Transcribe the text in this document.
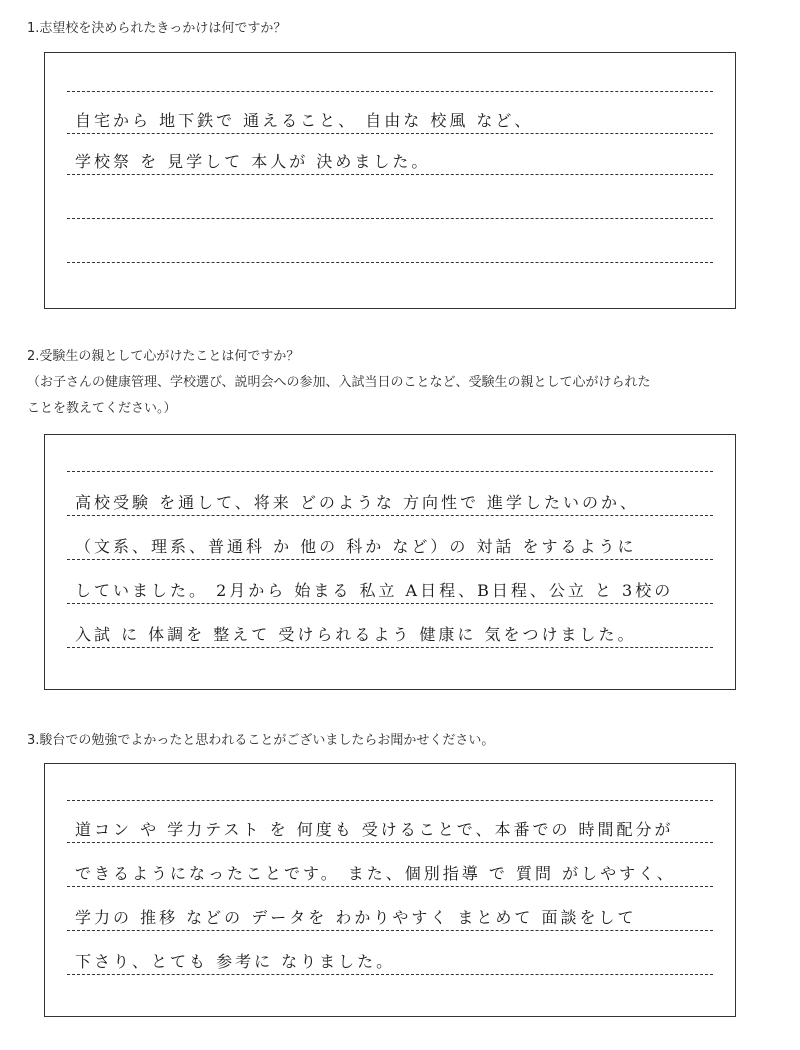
1.志望校を決められたきっかけは何ですか？
自宅から 地下鉄で 通えること、 自由な 校風 など、
学校祭 を 見学して 本人が 決めました。
2.受験生の親として心がけたことは何ですか？
（お子さんの健康管理、学校選び、説明会への参加、入試当日のことなど、受験生の親として心がけられた
ことを教えてください。）
高校受験 を通して、将来 どのような 方向性で 進学したいのか、
（文系、理系、普通科 か 他の 科か など）の 対話 をするように
していました。 2月から 始まる 私立 A日程、B日程、公立 と 3校の
入試 に 体調を 整えて 受けられるよう 健康に 気をつけました。
3.駿台での勉強でよかったと思われることがございましたらお聞かせください。
道コン や 学力テスト を 何度も 受けることで、本番での 時間配分が
できるようになったことです。 また、個別指導 で 質問 がしやすく、
学力の 推移 などの データを わかりやすく まとめて 面談をして
下さり、とても 参考に なりました。
